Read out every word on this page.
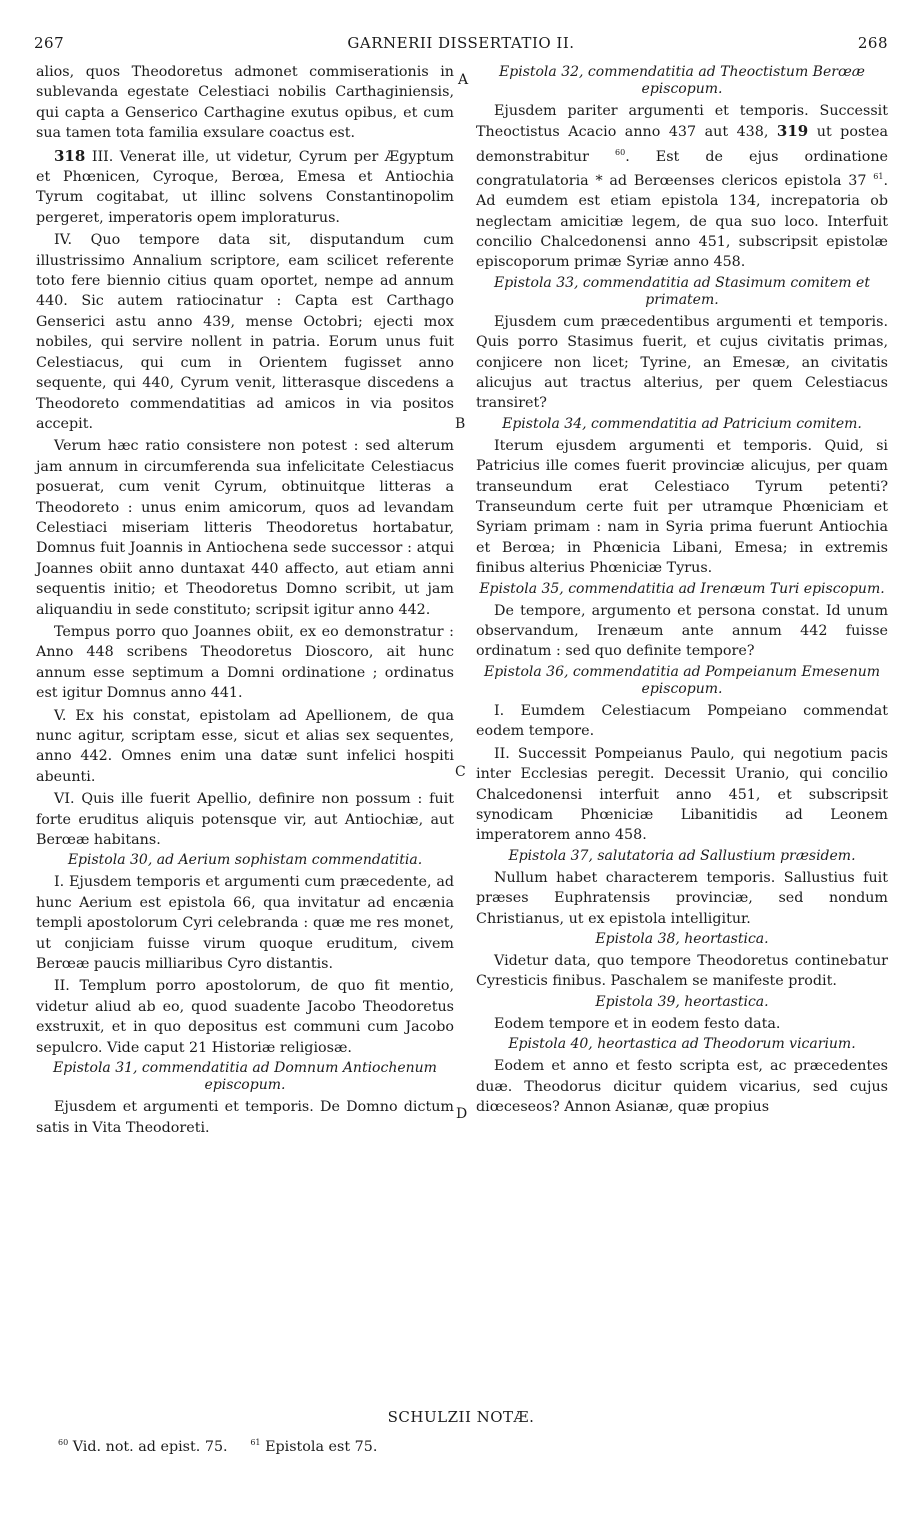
267	GARNERII DISSERTATIO II.	268
A
B
C
D

alios, quos Theodoretus admonet commiserationis in sublevanda egestate Celestiaci nobilis Carthaginiensis, qui capta a Genserico Carthagine exutus opibus, et cum sua tamen tota familia exsulare coactus est.

318 III. Venerat ille, ut videtur, Cyrum per Ægyptum et Phœnicen, Cyroque, Berœa, Emesa et Antiochia Tyrum cogitabat, ut illinc solvens Constantinopolim pergeret, imperatoris opem imploraturus.

IV. Quo tempore data sit, disputandum cum illustrissimo Annalium scriptore, eam scilicet referente toto fere biennio citius quam oportet, nempe ad annum 440. Sic autem ratiocinatur : Capta est Carthago Genserici astu anno 439, mense Octobri; ejecti mox nobiles, qui servire nollent in patria. Eorum unus fuit Celestiacus, qui cum in Orientem fugisset anno sequente, qui 440, Cyrum venit, litterasque discedens a Theodoreto commendatitias ad amicos in via positos accepit.

Verum hæc ratio consistere non potest : sed alterum jam annum in circumferenda sua infelicitate Celestiacus posuerat, cum venit Cyrum, obtinuitque litteras a Theodoreto : unus enim amicorum, quos ad levandam Celestiaci miseriam litteris Theodoretus hortabatur, Domnus fuit Joannis in Antiochena sede successor : atqui Joannes obiit anno duntaxat 440 affecto, aut etiam anni sequentis initio; et Theodoretus Domno scribit, ut jam aliquandiu in sede constituto; scripsit igitur anno 442.

Tempus porro quo Joannes obiit, ex eo demonstratur : Anno 448 scribens Theodoretus Dioscoro, ait hunc annum esse septimum a Domni ordinatione ; ordinatus est igitur Domnus anno 441.

V. Ex his constat, epistolam ad Apellionem, de qua nunc agitur, scriptam esse, sicut et alias sex sequentes, anno 442. Omnes enim una datæ sunt infelici hospiti abeunti.

VI. Quis ille fuerit Apellio, definire non possum : fuit forte eruditus aliquis potensque vir, aut Antiochiæ, aut Berœæ habitans.

Epistola 30, ad Aerium sophistam commendatitia.

I. Ejusdem temporis et argumenti cum præcedente, ad hunc Aerium est epistola 66, qua invitatur ad encænia templi apostolorum Cyri celebranda : quæ me res monet, ut conjiciam fuisse virum quoque eruditum, civem Berœæ paucis milliaribus Cyro distantis.

II. Templum porro apostolorum, de quo fit mentio, videtur aliud ab eo, quod suadente Jacobo Theodoretus exstruxit, et in quo depositus est communi cum Jacobo sepulcro. Vide caput 21 Historiæ religiosæ.

Epistola 31, commendatitia ad Domnum Antiochenum episcopum.

Ejusdem et argumenti et temporis. De Domno dictum satis in Vita Theodoreti.

Epistola 32, commendatitia ad Theoctistum Berœæ episcopum.

Ejusdem pariter argumenti et temporis. Successit Theoctistus Acacio anno 437 aut 438, 319 ut postea demonstrabitur	$^{60}$. Est de ejus ordinatione congratulatoria * ad Berœenses clericos epistola 37 $^{61}$. Ad eumdem est etiam epistola 134, increpatoria ob neglectam amicitiæ legem, de qua suo loco. Interfuit concilio Chalcedonensi anno 451, subscripsit epistolæ episcoporum primæ Syriæ anno 458.

Epistola 33, commendatitia ad Stasimum comitem et primatem.

Ejusdem cum præcedentibus argumenti et temporis. Quis porro Stasimus fuerit, et cujus civitatis primas, conjicere non licet; Tyrine, an Emesæ, an civitatis alicujus aut tractus alterius, per quem Celestiacus transiret?

Epistola 34, commendatitia ad Patricium comitem.

Iterum ejusdem argumenti et temporis. Quid, si Patricius ille comes fuerit provinciæ alicujus, per quam transeundum erat Celestiaco Tyrum petenti? Transeundum certe fuit per utramque Phœniciam et Syriam primam : nam in Syria prima fuerunt Antiochia et Berœa; in Phœnicia Libani, Emesa; in extremis finibus alterius Phœniciæ Tyrus.

Epistola 35, commendatitia ad Irenæum Turi episcopum.

De tempore, argumento et persona constat. Id unum observandum, Irenæum ante annum 442 fuisse ordinatum : sed quo definite tempore?

Epistola 36, commendatitia ad Pompeianum Emesenum episcopum.

I. Eumdem Celestiacum Pompeiano commendat eodem tempore.

II. Successit Pompeianus Paulo, qui negotium pacis inter Ecclesias peregit. Decessit Uranio, qui concilio Chalcedonensi interfuit anno 451, et subscripsit synodicam Phœniciæ Libanitidis ad Leonem imperatorem anno 458.

Epistola 37, salutatoria ad Sallustium præsidem.

Nullum habet characterem temporis. Sallustius fuit præses Euphratensis provinciæ, sed nondum Christianus, ut ex epistola intelligitur.

Epistola 38, heortastica.

Videtur data, quo tempore Theodoretus continebatur Cyresticis finibus. Paschalem se manifeste prodit.

Epistola 39, heortastica.

Eodem tempore et in eodem festo data.

Epistola 40, heortastica ad Theodorum vicarium.

Eodem et anno et festo scripta est, ac præcedentes duæ. Theodorus dicitur quidem vicarius, sed cujus diœceseos? Annon Asianæ, quæ propius

SCHULZII NOTÆ.
$^{60}$ Vid. not. ad epist. 75.	$^{61}$ Epistola est 75.
